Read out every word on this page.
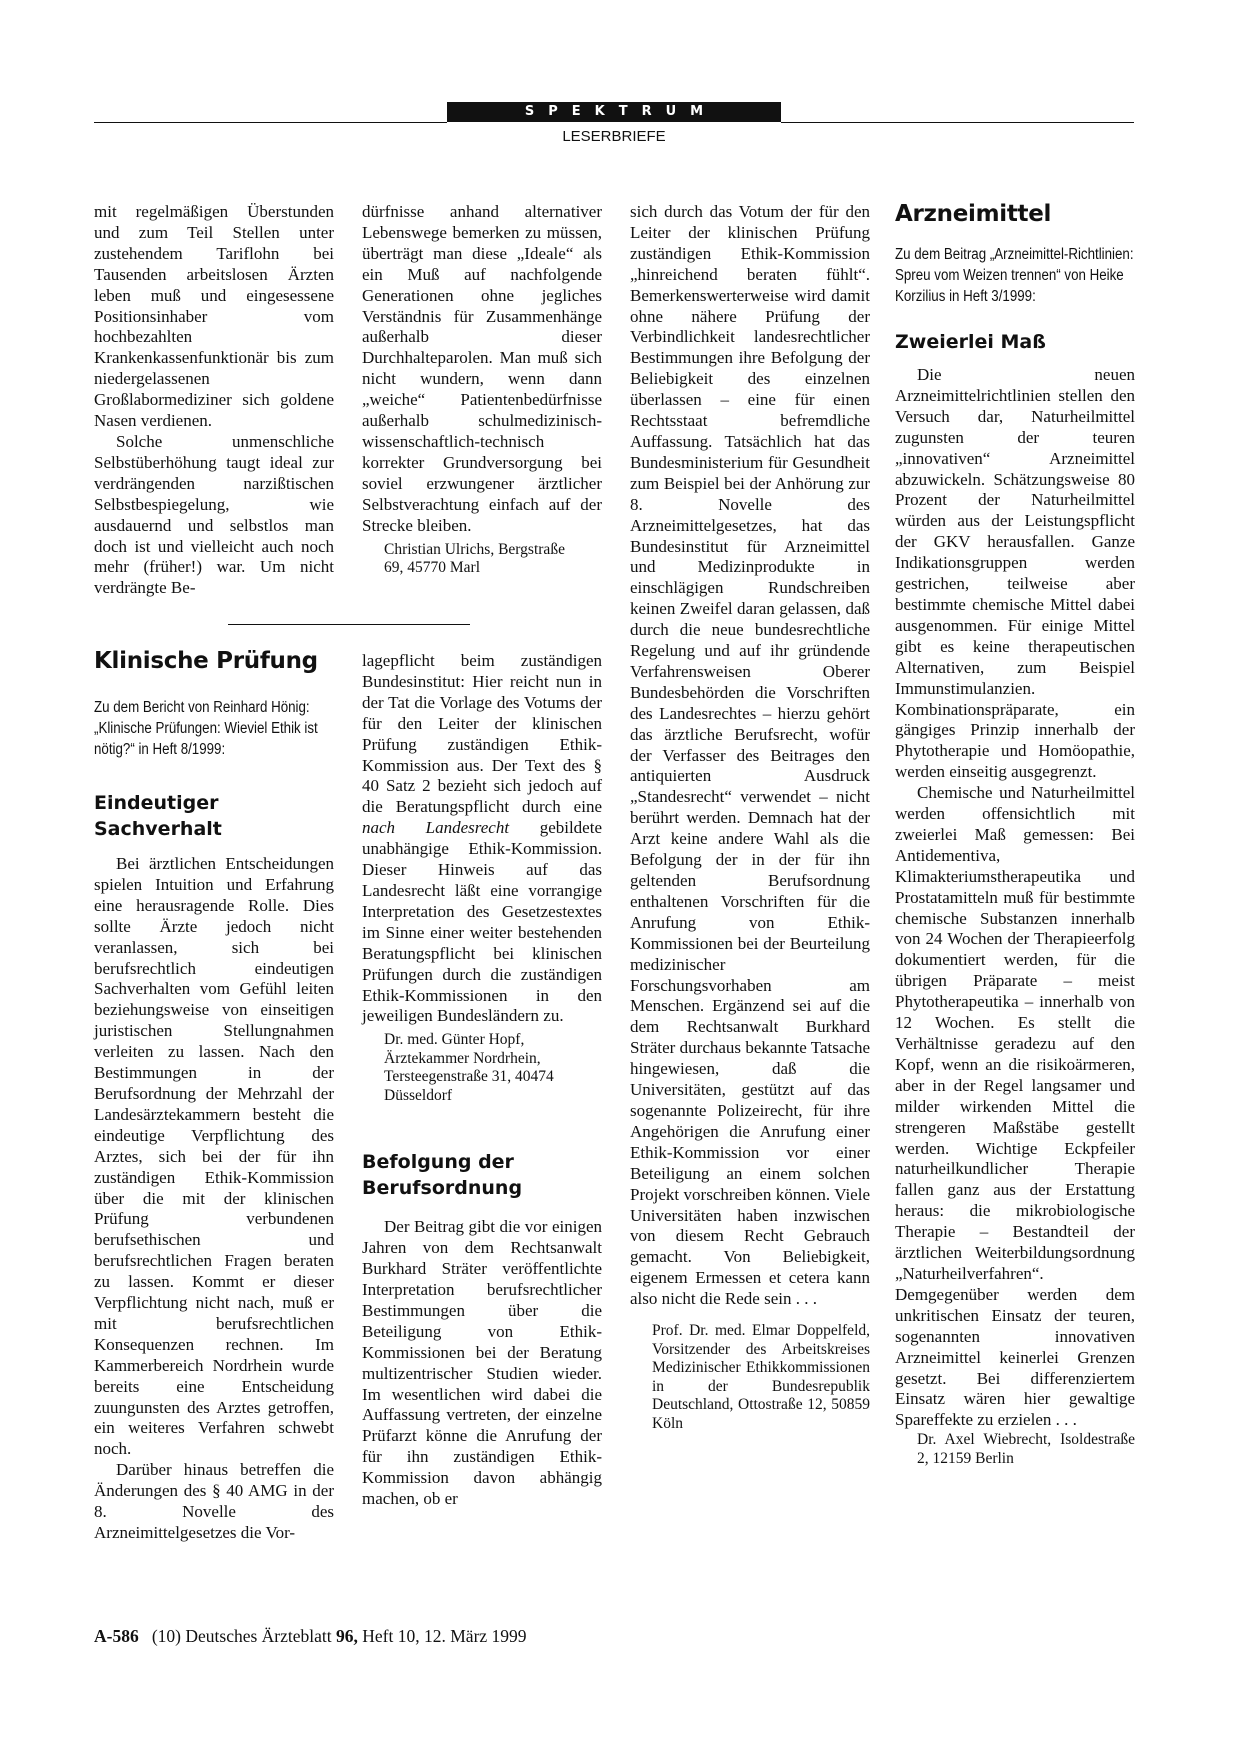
SPEKTRUM
LESERBRIEFE

mit regelmäßigen Überstunden und zum Teil Stellen unter zustehendem Tariflohn bei Tausenden arbeitslosen Ärzten leben muß und eingesessene Positionsinhaber vom hochbezahlten Krankenkassenfunktionär bis zum niedergelassenen Großlabormediziner sich goldene Nasen verdienen.

Solche unmenschliche Selbstüberhöhung taugt ideal zur verdrängenden narzißtischen Selbstbespiegelung, wie ausdauernd und selbstlos man doch ist und vielleicht auch noch mehr (früher!) war. Um nicht verdrängte Be-

dürfnisse anhand alternativer Lebenswege bemerken zu müssen, überträgt man diese „Ideale“ als ein Muß auf nachfolgende Generationen ohne jegliches Verständnis für Zusammenhänge außerhalb dieser Durchhalteparolen. Man muß sich nicht wundern, wenn dann „weiche“ Patientenbedürfnisse außerhalb schulmedizinisch-wissenschaftlich-technisch korrekter Grundversorgung bei soviel erzwungener ärztlicher Selbstverachtung einfach auf der Strecke bleiben.

Christian Ulrichs, Bergstraße

69, 45770 Marl

Klinische Prüfung

Zu dem Bericht von Reinhard Hönig: „Klinische Prüfungen: Wieviel Ethik ist nötig?“ in Heft 8/1999:

Eindeutiger Sachverhalt

Bei ärztlichen Entscheidungen spielen Intuition und Erfahrung eine herausragende Rolle. Dies sollte Ärzte jedoch nicht veranlassen, sich bei berufsrechtlich eindeutigen Sachverhalten vom Gefühl leiten beziehungsweise von einseitigen juristischen Stellungnahmen verleiten zu lassen. Nach den Bestimmungen in der Berufsordnung der Mehrzahl der Landesärztekammern besteht die eindeutige Verpflichtung des Arztes, sich bei der für ihn zuständigen Ethik-Kommission über die mit der klinischen Prüfung verbundenen berufsethischen und berufsrechtlichen Fragen beraten zu lassen. Kommt er dieser Verpflichtung nicht nach, muß er mit berufsrechtlichen Konsequenzen rechnen. Im Kammerbereich Nordrhein wurde bereits eine Entscheidung zuungunsten des Arztes getroffen, ein weiteres Verfahren schwebt noch.

Darüber hinaus betreffen die Änderungen des § 40 AMG in der 8. Novelle des Arzneimittelgesetzes die Vor-

lagepflicht beim zuständigen Bundesinstitut: Hier reicht nun in der Tat die Vorlage des Votums der für den Leiter der klinischen Prüfung zuständigen Ethik-Kommission aus. Der Text des § 40 Satz 2 bezieht sich jedoch auf die Beratungspflicht durch eine nach Landesrecht gebildete unabhängige Ethik-Kommission. Dieser Hinweis auf das Landesrecht läßt eine vorrangige Interpretation des Gesetzestextes im Sinne einer weiter bestehenden Beratungspflicht bei klinischen Prüfungen durch die zuständigen Ethik-Kommissionen in den jeweiligen Bundesländern zu.

Dr. med. Günter Hopf,

Ärztekammer Nordrhein,

Tersteegenstraße 31, 40474

Düsseldorf

Befolgung der Berufsordnung

Der Beitrag gibt die vor einigen Jahren von dem Rechtsanwalt Burkhard Sträter veröffentlichte Interpretation berufsrechtlicher Bestimmungen über die Beteiligung von Ethik-Kommissionen bei der Beratung multizentrischer Studien wieder. Im wesentlichen wird dabei die Auffassung vertreten, der einzelne Prüfarzt könne die Anrufung der für ihn zuständigen Ethik-Kommission davon abhängig machen, ob er

sich durch das Votum der für den Leiter der klinischen Prüfung zuständigen Ethik-Kommission „hinreichend beraten fühlt“. Bemerkenswerterweise wird damit ohne nähere Prüfung der Verbindlichkeit landesrechtlicher Bestimmungen ihre Befolgung der Beliebigkeit des einzelnen überlassen – eine für einen Rechtsstaat befremdliche Auffassung. Tatsächlich hat das Bundesministerium für Gesundheit zum Beispiel bei der Anhörung zur 8. Novelle des Arzneimittelgesetzes, hat das Bundesinstitut für Arzneimittel und Medizinprodukte in einschlägigen Rundschreiben keinen Zweifel daran gelassen, daß durch die neue bundesrechtliche Regelung und auf ihr gründende Verfahrensweisen Oberer Bundesbehörden die Vorschriften des Landesrechtes – hierzu gehört das ärztliche Berufsrecht, wofür der Verfasser des Beitrages den antiquierten Ausdruck „Standesrecht“ verwendet – nicht berührt werden. Demnach hat der Arzt keine andere Wahl als die Befolgung der in der für ihn geltenden Berufsordnung enthaltenen Vorschriften für die Anrufung von Ethik-Kommissionen bei der Beurteilung medizinischer Forschungsvorhaben am Menschen. Ergänzend sei auf die dem Rechtsanwalt Burkhard Sträter durchaus bekannte Tatsache hingewiesen, daß die Universitäten, gestützt auf das sogenannte Polizeirecht, für ihre Angehörigen die Anrufung einer Ethik-Kommission vor einer Beteiligung an einem solchen Projekt vorschreiben können. Viele Universitäten haben inzwischen von diesem Recht Gebrauch gemacht. Von Beliebigkeit, eigenem Ermessen et cetera kann also nicht die Rede sein . . .

Prof. Dr. med. Elmar Doppelfeld, Vorsitzender des Arbeitskreises Medizinischer Ethikkommissionen in der Bundesrepublik Deutschland, Ottostraße 12, 50859 Köln

Arzneimittel

Zu dem Beitrag „Arzneimittel-Richtlinien: Spreu vom Weizen trennen“ von Heike Korzilius in Heft 3/1999:

Zweierlei Maß

Die neuen Arzneimittelrichtlinien stellen den Versuch dar, Naturheilmittel zugunsten der teuren „innovativen“ Arzneimittel abzuwickeln. Schätzungsweise 80 Prozent der Naturheilmittel würden aus der Leistungspflicht der GKV herausfallen. Ganze Indikationsgruppen werden gestrichen, teilweise aber bestimmte chemische Mittel dabei ausgenommen. Für einige Mittel gibt es keine therapeutischen Alternativen, zum Beispiel Immunstimulanzien. Kombinationspräparate, ein gängiges Prinzip innerhalb der Phytotherapie und Homöopathie, werden einseitig ausgegrenzt.

Chemische und Naturheilmittel werden offensichtlich mit zweierlei Maß gemessen: Bei Antidementiva, Klimakteriumstherapeutika und Prostatamitteln muß für bestimmte chemische Substanzen innerhalb von 24 Wochen der Therapieerfolg dokumentiert werden, für die übrigen Präparate – meist Phytotherapeutika – innerhalb von 12 Wochen. Es stellt die Verhältnisse geradezu auf den Kopf, wenn an die risikoärmeren, aber in der Regel langsamer und milder wirkenden Mittel die strengeren Maßstäbe gestellt werden. Wichtige Eckpfeiler naturheilkundlicher Therapie fallen ganz aus der Erstattung heraus: die mikrobiologische Therapie – Bestandteil der ärztlichen Weiterbildungsordnung „Naturheilverfahren“. Demgegenüber werden dem unkritischen Einsatz der teuren, sogenannten innovativen Arzneimittel keinerlei Grenzen gesetzt. Bei differenziertem Einsatz wären hier gewaltige Spareffekte zu erzielen . . .

Dr. Axel Wiebrecht, Isoldestraße 2, 12159 Berlin

A-586 (10) Deutsches Ärzteblatt 96, Heft 10, 12. März 1999
